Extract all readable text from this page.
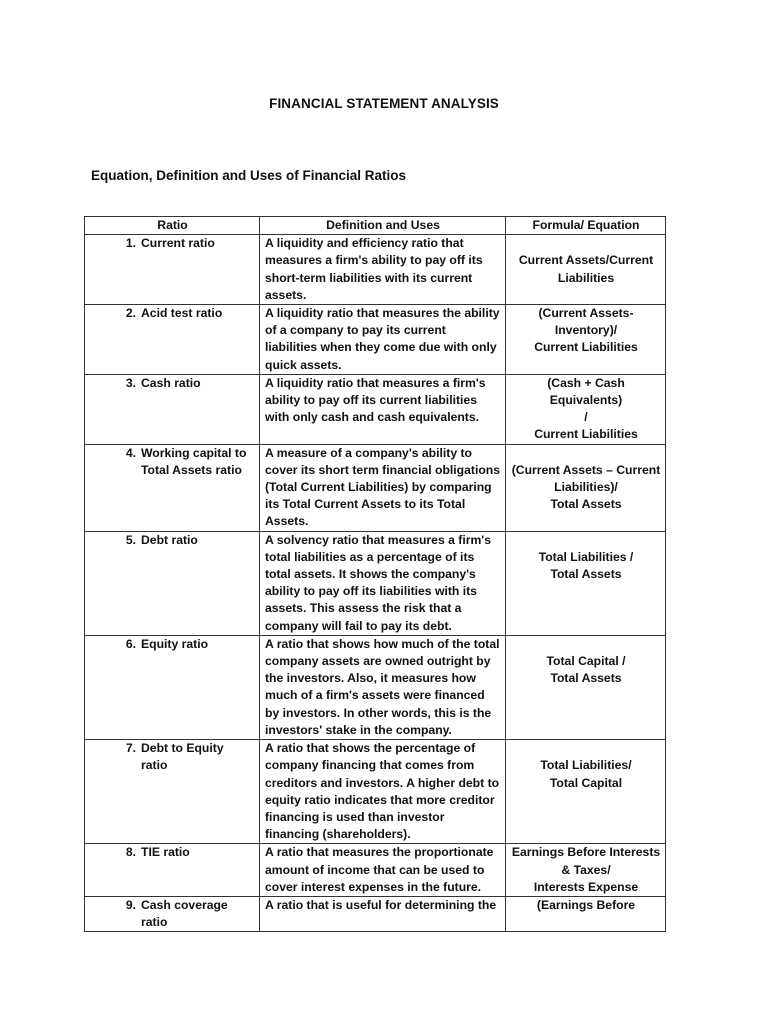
FINANCIAL STATEMENT ANALYSIS
Equation, Definition and Uses of Financial Ratios
Ratio	Definition and Uses	Formula/ Equation
1. Current ratio	A liquidity and efficiency ratio that measures a firm's ability to pay off its short-term liabilities with its current assets.	Current Assets/Current
Liabilities

2. Acid test ratio	A liquidity ratio that measures the ability of a company to pay its current liabilities when they come due with only quick assets.	(Current Assets-
Inventory)/
Current Liabilities

3. Cash ratio	A liquidity ratio that measures a firm's ability to pay off its current liabilities with only cash and cash equivalents.	(Cash + Cash Equivalents)
/
Current Liabilities

4. Working capital to Total Assets ratio	A measure of a company's ability to cover its short term financial obligations (Total Current Liabilities) by comparing its Total Current Assets to its Total Assets.	(Current Assets – Current
Liabilities)/
Total Assets

5. Debt ratio	A solvency ratio that measures a firm's total liabilities as a percentage of its total assets. It shows the company's ability to pay off its liabilities with its assets. This assess the risk that a company will fail to pay its debt.	Total Liabilities /
Total Assets

6. Equity ratio	A ratio that shows how much of the total company assets are owned outright by the investors. Also, it measures how much of a firm's assets were financed by investors. In other words, this is the investors' stake in the company.	Total Capital /
Total Assets

7. Debt to Equity ratio	A ratio that shows the percentage of company financing that comes from creditors and investors. A higher debt to equity ratio indicates that more creditor financing is used than investor financing (shareholders).	Total Liabilities/
Total Capital

8. TIE ratio	A ratio that measures the proportionate amount of income that can be used to cover interest expenses in the future.	Earnings Before Interests
& Taxes/
Interests Expense

9. Cash coverage ratio	A ratio that is useful for determining the	(Earnings Before
